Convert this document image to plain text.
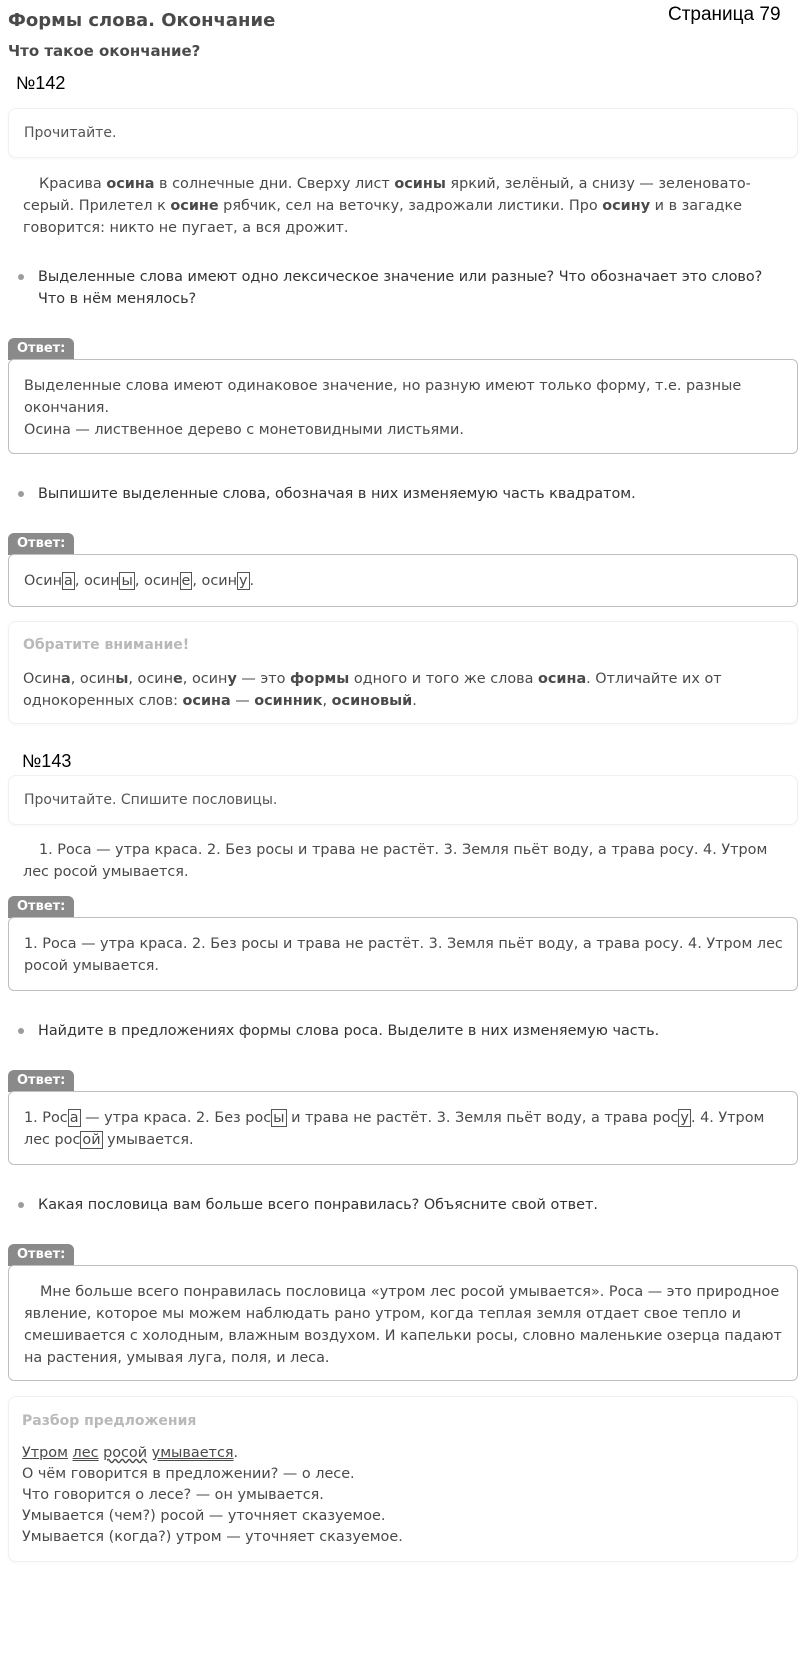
Формы слова. Окончание
Что такое окончание?
Страница 79
№142
Прочитайте.
Красива осина в солнечные дни. Сверху лист осины яркий, зелёный, а снизу — зеленовато-серый. Прилетел к осине рябчик, сел на веточку, задрожали листики. Про осину и в загадке говорится: никто не пугает, а вся дрожит.
Выделенные слова имеют одно лексическое значение или разные? Что обозначает это слово? Что в нём менялось?
Ответ:
Выделенные слова имеют одинаковое значение, но разную имеют только форму, т.е. разные окончания.
Осина — лиственное дерево с монетовидными листьями.
Выпишите выделенные слова, обозначая в них изменяемую часть квадратом.
Ответ:
Осин а , осин ы , осин е , осин у .
Обратите внимание!
Осина, осины, осине, осину — это формы одного и того же слова осина. Отличайте их от однокоренных слов: осина — осинник, осиновый.
№143
Прочитайте. Спишите пословицы.
1. Роса — утра краса. 2. Без росы и трава не растёт. 3. Земля пьёт воду, а трава росу. 4. Утром лес росой умывается.
Ответ:
1. Роса — утра краса. 2. Без росы и трава не растёт. 3. Земля пьёт воду, а трава росу. 4. Утром лес росой умывается.
Найдите в предложениях формы слова роса. Выделите в них изменяемую часть.
Ответ:
1. Рос а — утра краса. 2. Без рос ы и трава не растёт. 3. Земля пьёт воду, а трава рос у . 4. Утром лес рос ой умывается.
Какая пословица вам больше всего понравилась? Объясните свой ответ.
Ответ:
Мне больше всего понравилась пословица «утром лес росой умывается». Роса — это природное явление, которое мы можем наблюдать рано утром, когда теплая земля отдает свое тепло и смешивается с холодным, влажным воздухом. И капельки росы, словно маленькие озерца падают на растения, умывая луга, поля, и леса.
Разбор предложения
Утром лес росой умывается.
О чём говорится в предложении? — о лесе.
Что говорится о лесе? — он умывается.
Умывается (чем?) росой — уточняет сказуемое.
Умывается (когда?) утром — уточняет сказуемое.
